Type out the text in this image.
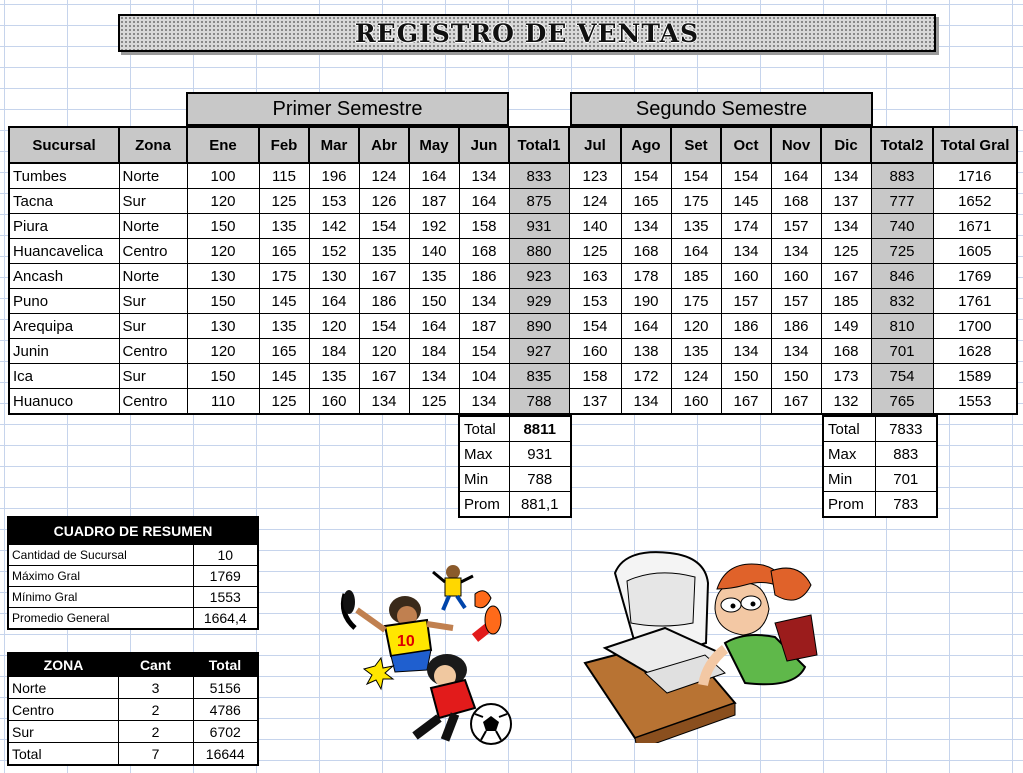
REGISTRO DE VENTAS
Primer Semestre	Segundo Semestre
Sucursal	Zona	Ene	Feb	Mar	Abr	May	Jun	Total1	Jul	Ago	Set	Oct	Nov	Dic	Total2	Total Gral
Tumbes	Norte	100	115	196	124	164	134	833	123	154	154	154	164	134	883	1716
Tacna	Sur	120	125	153	126	187	164	875	124	165	175	145	168	137	777	1652
Piura	Norte	150	135	142	154	192	158	931	140	134	135	174	157	134	740	1671
Huancavelica	Centro	120	165	152	135	140	168	880	125	168	164	134	134	125	725	1605
Ancash	Norte	130	175	130	167	135	186	923	163	178	185	160	160	167	846	1769
Puno	Sur	150	145	164	186	150	134	929	153	190	175	157	157	185	832	1761
Arequipa	Sur	130	135	120	154	164	187	890	154	164	120	186	186	149	810	1700
Junin	Centro	120	165	184	120	184	154	927	160	138	135	134	134	168	701	1628
Ica	Sur	150	145	135	167	134	104	835	158	172	124	150	150	173	754	1589
Huanuco	Centro	110	125	160	134	125	134	788	137	134	160	167	167	132	765	1553
Total	8811
Max	931
Min	788
Prom	881,1
Total	7833
Max	883
Min	701
Prom	783
CUADRO DE RESUMEN	
Cantidad de Sucursal	10
Máximo Gral	1769
Mínimo Gral	1553
Promedio General	1664,4
ZONA	Cant	Total
Norte	3	5156
Centro	2	4786
Sur	2	6702
Total	7	16644
10
